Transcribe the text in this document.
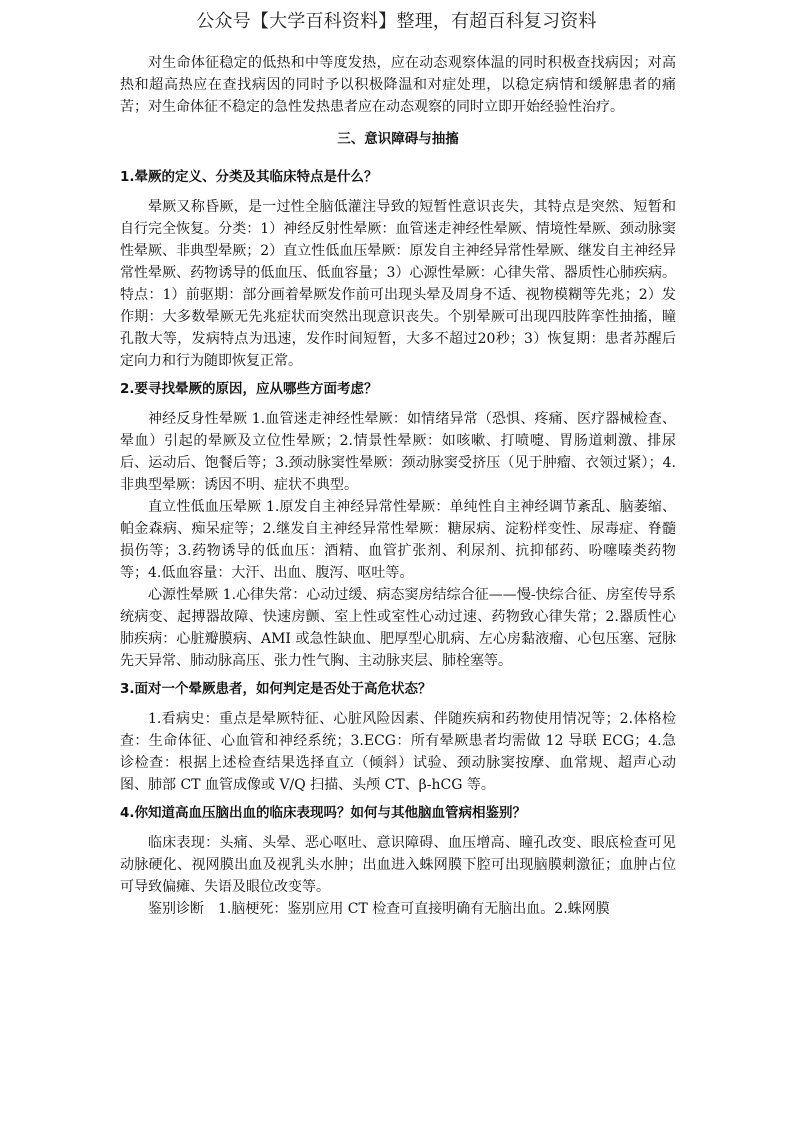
公众号【大学百科资料】整理，有超百科复习资料

对生命体征稳定的低热和中等度发热，应在动态观察体温的同时积极查找病因；对高热和超高热应在查找病因的同时予以积极降温和对症处理，以稳定病情和缓解患者的痛苦；对生命体征不稳定的急性发热患者应在动态观察的同时立即开始经验性治疗。

三、意识障碍与抽搐
1.晕厥的定义、分类及其临床特点是什么？

晕厥又称昏厥，是一过性全脑低灌注导致的短暂性意识丧失，其特点是突然、短暂和自行完全恢复。分类：1）神经反射性晕厥：血管迷走神经性晕厥、情境性晕厥、颈动脉窦性晕厥、非典型晕厥；2）直立性低血压晕厥：原发自主神经异常性晕厥、继发自主神经异常性晕厥、药物诱导的低血压、低血容量；3）心源性晕厥：心律失常、器质性心肺疾病。特点：1）前驱期：部分画着晕厥发作前可出现头晕及周身不适、视物模糊等先兆；2）发作期：大多数晕厥无先兆症状而突然出现意识丧失。个别晕厥可出现四肢阵挛性抽搐，瞳孔散大等，发病特点为迅速，发作时间短暂，大多不超过20秒；3）恢复期：患者苏醒后定向力和行为随即恢复正常。

2.要寻找晕厥的原因，应从哪些方面考虑？

神经反身性晕厥 1.血管迷走神经性晕厥：如情绪异常（恐惧、疼痛、医疗器械检查、晕血）引起的晕厥及立位性晕厥；2.情景性晕厥：如咳嗽、打喷嚏、胃肠道刺激、排尿后、运动后、饱餐后等；3.颈动脉窦性晕厥：颈动脉窦受挤压（见于肿瘤、衣领过紧）；4.非典型晕厥：诱因不明、症状不典型。

直立性低血压晕厥 1.原发自主神经异常性晕厥：单纯性自主神经调节紊乱、脑萎缩、帕金森病、痴呆症等；2.继发自主神经异常性晕厥：糖尿病、淀粉样变性、尿毒症、脊髓损伤等；3.药物诱导的低血压：酒精、血管扩张剂、利尿剂、抗抑郁药、吩噻嗪类药物等；4.低血容量：大汗、出血、腹泻、呕吐等。

心源性晕厥 1.心律失常：心动过缓、病态窦房结综合征——慢-快综合征、房室传导系统病变、起搏器故障、快速房颤、室上性或室性心动过速、药物致心律失常；2.器质性心肺疾病：心脏瓣膜病、AMI 或急性缺血、肥厚型心肌病、左心房黏液瘤、心包压塞、冠脉先天异常、肺动脉高压、张力性气胸、主动脉夹层、肺栓塞等。

3.面对一个晕厥患者，如何判定是否处于高危状态？

1.看病史：重点是晕厥特征、心脏风险因素、伴随疾病和药物使用情况等；2.体格检查：生命体征、心血管和神经系统；3.ECG：所有晕厥患者均需做 12 导联 ECG；4.急诊检查：根据上述检查结果选择直立（倾斜）试验、颈动脉窦按摩、血常规、超声心动图、肺部 CT 血管成像或 V/Q 扫描、头颅 CT、β-hCG 等。

4.你知道高血压脑出血的临床表现吗？如何与其他脑血管病相鉴别？

临床表现：头痛、头晕、恶心呕吐、意识障碍、血压增高、瞳孔改变、眼底检查可见动脉硬化、视网膜出血及视乳头水肿；出血进入蛛网膜下腔可出现脑膜刺激征；血肿占位可导致偏瘫、失语及眼位改变等。

鉴别诊断　1.脑梗死：鉴别应用 CT 检查可直接明确有无脑出血。2.蛛网膜
